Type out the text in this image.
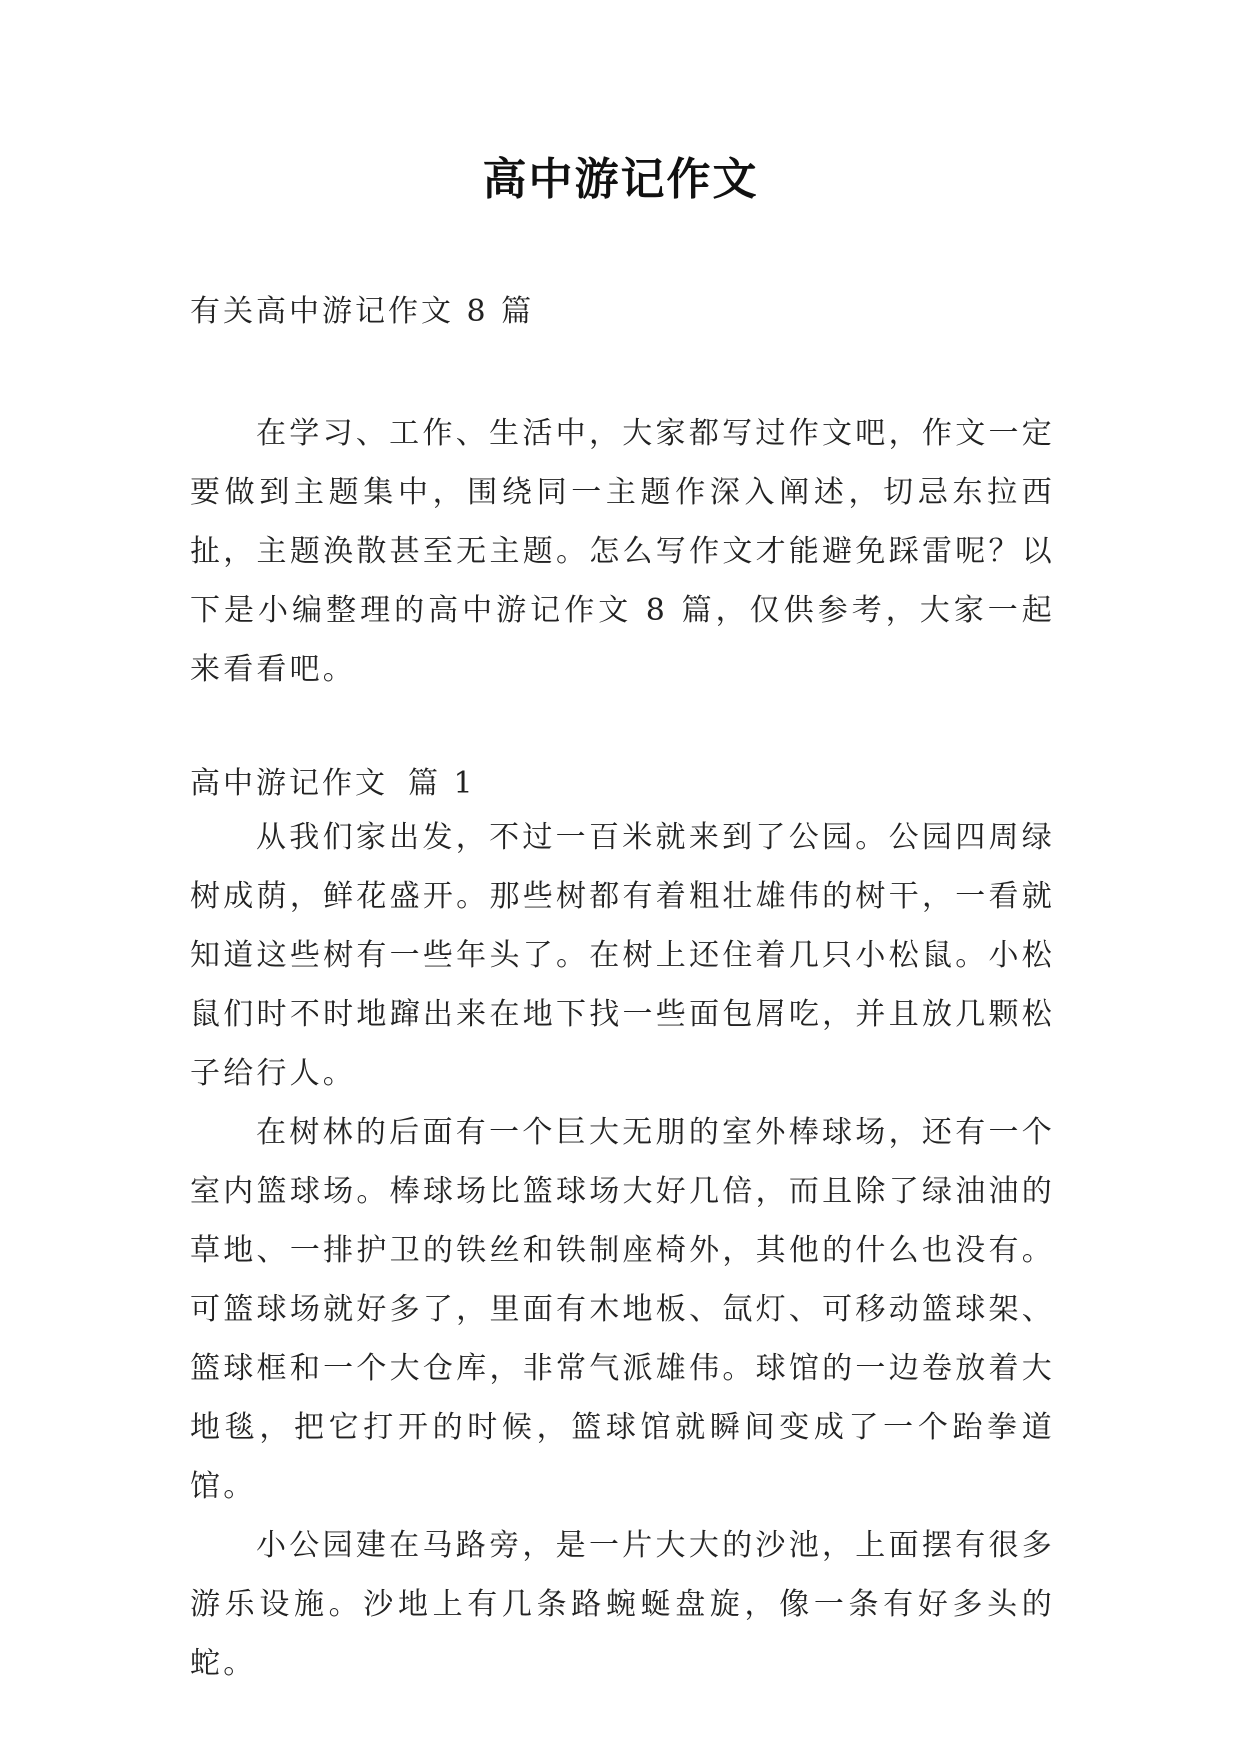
高中游记作文
有关高中游记作文 8 篇

在学习、工作、生活中，大家都写过作文吧，作文一定要做到主题集中，围绕同一主题作深入阐述，切忌东拉西扯，主题涣散甚至无主题。怎么写作文才能避免踩雷呢？以下是小编整理的高中游记作文 8 篇，仅供参考，大家一起来看看吧。

高中游记作文 篇 1

从我们家出发，不过一百米就来到了公园。公园四周绿树成荫，鲜花盛开。那些树都有着粗壮雄伟的树干，一看就知道这些树有一些年头了。在树上还住着几只小松鼠。小松鼠们时不时地蹿出来在地下找一些面包屑吃，并且放几颗松子给行人。

在树林的后面有一个巨大无朋的室外棒球场，还有一个室内篮球场。棒球场比篮球场大好几倍，而且除了绿油油的草地、一排护卫的铁丝和铁制座椅外，其他的什么也没有。可篮球场就好多了，里面有木地板、氙灯、可移动篮球架、篮球框和一个大仓库，非常气派雄伟。球馆的一边卷放着大地毯，把它打开的时候，篮球馆就瞬间变成了一个跆拳道馆。

小公园建在马路旁，是一片大大的沙池，上面摆有很多游乐设施。沙地上有几条路蜿蜒盘旋，像一条有好多头的蛇。
